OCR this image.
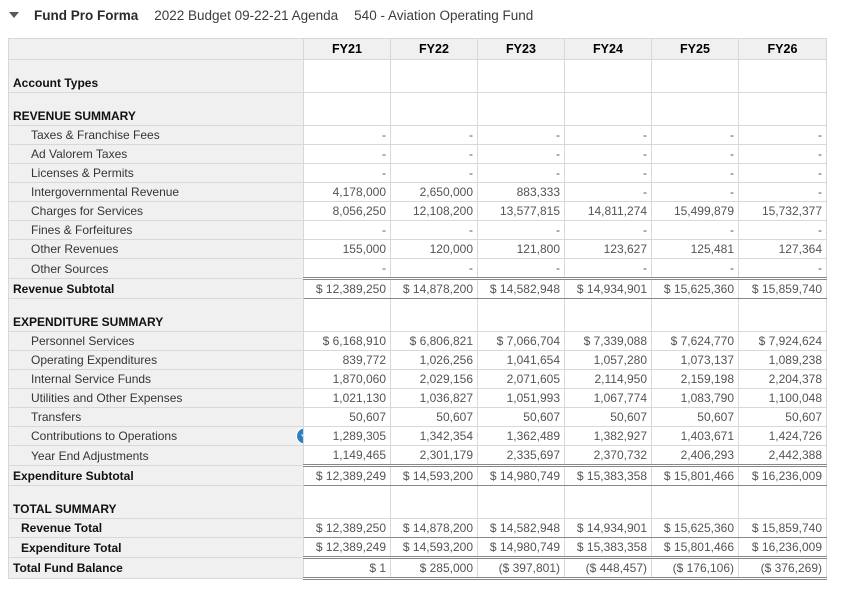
Fund Pro Forma 2022 Budget 09-22-21 Agenda 540 - Aviation Operating Fund
	FY21	FY22	FY23	FY24	FY25	FY26
Account Types						
REVENUE SUMMARY						
Taxes & Franchise Fees	-	-	-	-	-	-
Ad Valorem Taxes	-	-	-	-	-	-
Licenses & Permits	-	-	-	-	-	-
Intergovernmental Revenue	4,178,000	2,650,000	883,333	-	-	-
Charges for Services	8,056,250	12,108,200	13,577,815	14,811,274	15,499,879	15,732,377
Fines & Forfeitures	-	-	-	-	-	-
Other Revenues	155,000	120,000	121,800	123,627	125,481	127,364
Other Sources	-	-	-	-	-	-
Revenue Subtotal	$ 12,389,250	$ 14,878,200	$ 14,582,948	$ 14,934,901	$ 15,625,360	$ 15,859,740
EXPENDITURE SUMMARY						
Personnel Services	$ 6,168,910	$ 6,806,821	$ 7,066,704	$ 7,339,088	$ 7,624,770	$ 7,924,624
Operating Expenditures	839,772	1,026,256	1,041,654	1,057,280	1,073,137	1,089,238
Internal Service Funds	1,870,060	2,029,156	2,071,605	2,114,950	2,159,198	2,204,378
Utilities and Other Expenses	1,021,130	1,036,827	1,051,993	1,067,774	1,083,790	1,100,048
Transfers	50,607	50,607	50,607	50,607	50,607	50,607
Contributions to Operations	1,289,305	1,342,354	1,362,489	1,382,927	1,403,671	1,424,726
Year End Adjustments	1,149,465	2,301,179	2,335,697	2,370,732	2,406,293	2,442,388
Expenditure Subtotal	$ 12,389,249	$ 14,593,200	$ 14,980,749	$ 15,383,358	$ 15,801,466	$ 16,236,009
TOTAL SUMMARY						
Revenue Total	$ 12,389,250	$ 14,878,200	$ 14,582,948	$ 14,934,901	$ 15,625,360	$ 15,859,740
Expenditure Total	$ 12,389,249	$ 14,593,200	$ 14,980,749	$ 15,383,358	$ 15,801,466	$ 16,236,009
Total Fund Balance	$ 1	$ 285,000	($ 397,801)	($ 448,457)	($ 176,106)	($ 376,269)
